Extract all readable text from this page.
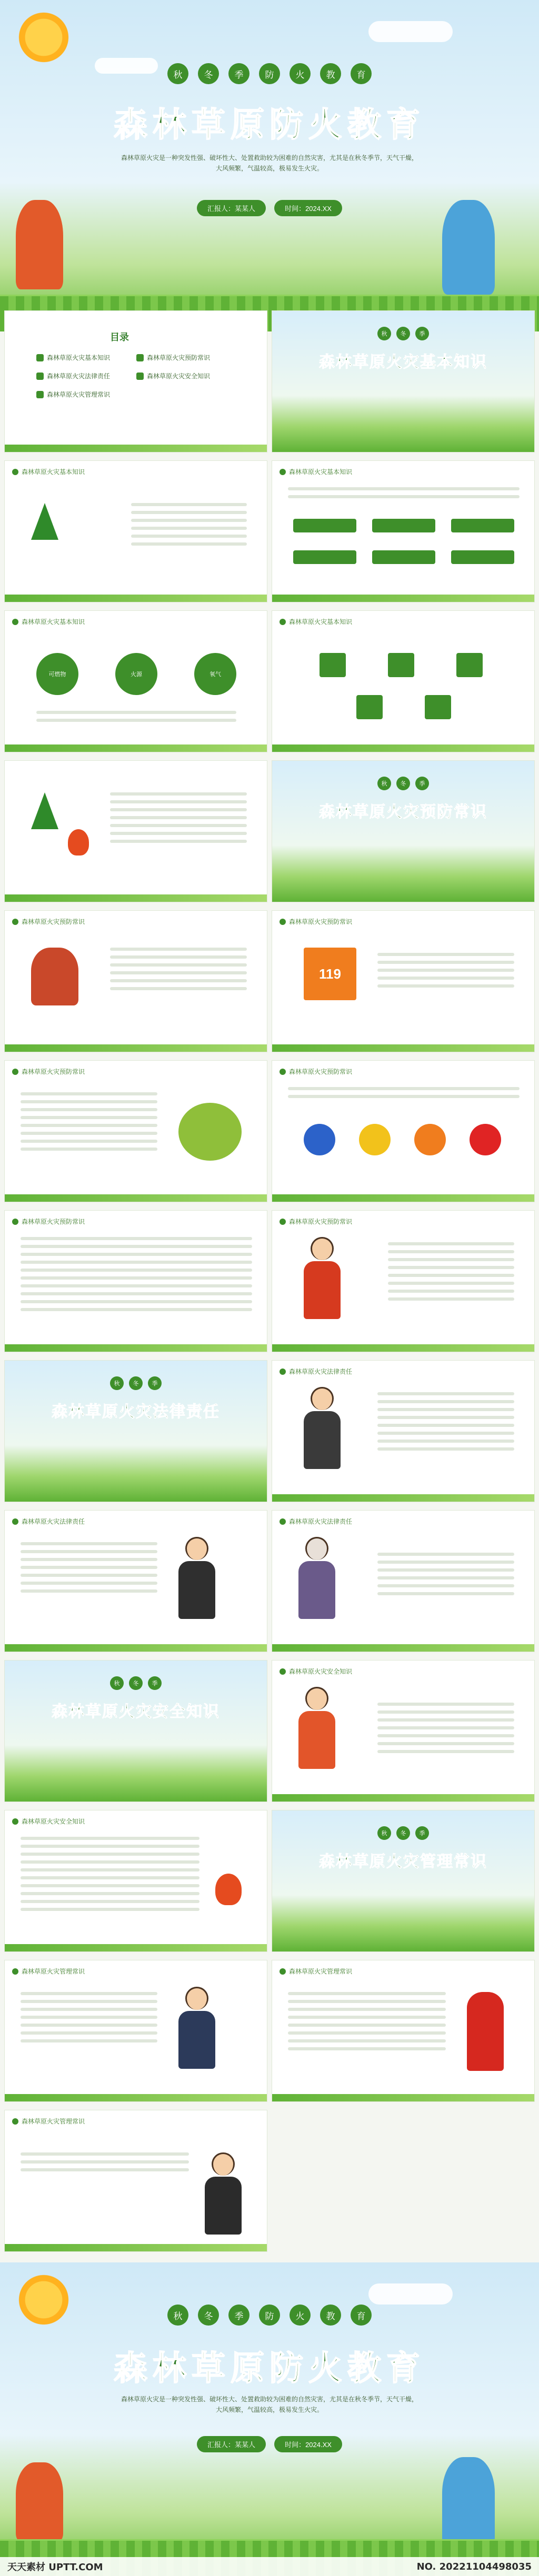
秋	冬	季	防	火	教	育
森林草原防火教育
森林草原火灾是一种突发性强、破坏性大、处置救助较为困难的自然灾害，尤其是在秋冬季节，天气干燥，
大风频繁，气温较高，极易发生火灾。
汇报人：某某人	时间：2024.XX
目录
森林草原火灾基本知识	森林草原火灾预防常识
森林草原火灾法律责任	森林草原火灾安全知识
森林草原火灾管理常识
秋	冬	季
森林草原火灾基本知识
森林草原火灾基本知识	森林草原火灾基本知识
森林草原火灾基本知识
可燃物	火源	氧气
森林草原火灾基本知识
秋	冬	季
森林草原火灾预防常识
森林草原火灾预防常识	森林草原火灾预防常识
119
森林草原火灾预防常识	森林草原火灾预防常识
森林草原火灾预防常识	森林草原火灾预防常识
秋	冬	季
森林草原火灾法律责任
森林草原火灾法律责任
森林草原火灾法律责任	森林草原火灾法律责任
秋	冬	季
森林草原火灾安全知识
森林草原火灾安全知识
森林草原火灾安全知识
秋	冬	季
森林草原火灾管理常识
森林草原火灾管理常识	森林草原火灾管理常识
森林草原火灾管理常识
秋	冬	季	防	火	教	育
森林草原防火教育
森林草原火灾是一种突发性强、破坏性大、处置救助较为困难的自然灾害，尤其是在秋冬季节，天气干燥，
大风频繁，气温较高，极易发生火灾。
汇报人：某某人	时间：2024.XX
天天素材 UPTT.COM	NO. 20221104498035
